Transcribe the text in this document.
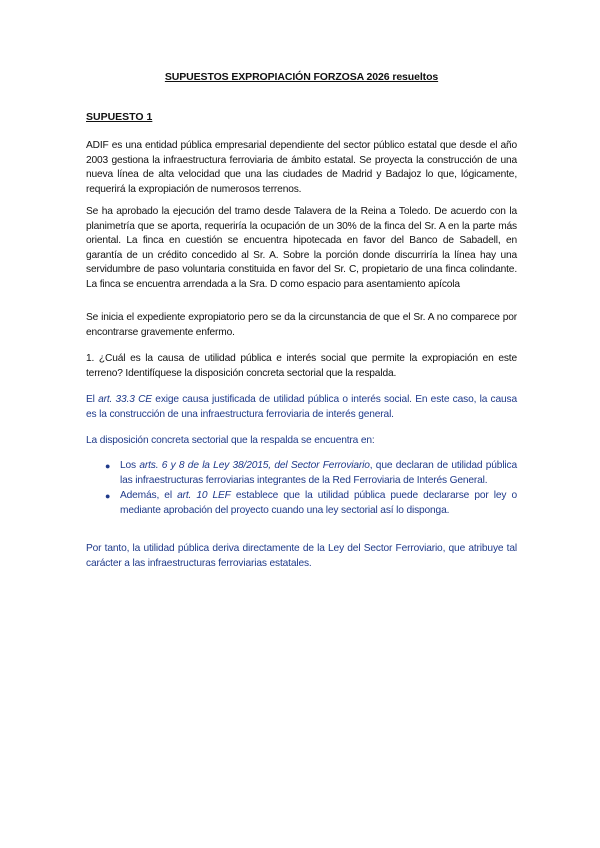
SUPUESTOS EXPROPIACIÓN FORZOSA 2026 resueltos
SUPUESTO 1

ADIF es una entidad pública empresarial dependiente del sector público estatal que desde el año 2003 gestiona la infraestructura ferroviaria de ámbito estatal. Se proyecta la construcción de una nueva línea de alta velocidad que una las ciudades de Madrid y Badajoz lo que, lógicamente, requerirá la expropiación de numerosos terrenos.

Se ha aprobado la ejecución del tramo desde Talavera de la Reina a Toledo. De acuerdo con la planimetría que se aporta, requeriría la ocupación de un 30% de la finca del Sr. A en la parte más oriental. La finca en cuestión se encuentra hipotecada en favor del Banco de Sabadell, en garantía de un crédito concedido al Sr. A. Sobre la porción donde discurriría la línea hay una servidumbre de paso voluntaria constituida en favor del Sr. C, propietario de una finca colindante. La finca se encuentra arrendada a la Sra. D como espacio para asentamiento apícola

Se inicia el expediente expropiatorio pero se da la circunstancia de que el Sr. A no comparece por encontrarse gravemente enfermo.

1. ¿Cuál es la causa de utilidad pública e interés social que permite la expropiación en este terreno? Identifíquese la disposición concreta sectorial que la respalda.

El art. 33.3 CE exige causa justificada de utilidad pública o interés social. En este caso, la causa es la construcción de una infraestructura ferroviaria de interés general.

La disposición concreta sectorial que la respalda se encuentra en:

● Los arts. 6 y 8 de la Ley 38/2015, del Sector Ferroviario, que declaran de utilidad pública las infraestructuras ferroviarias integrantes de la Red Ferroviaria de Interés General.
● Además, el art. 10 LEF establece que la utilidad pública puede declararse por ley o mediante aprobación del proyecto cuando una ley sectorial así lo disponga.

Por tanto, la utilidad pública deriva directamente de la Ley del Sector Ferroviario, que atribuye tal carácter a las infraestructuras ferroviarias estatales.
